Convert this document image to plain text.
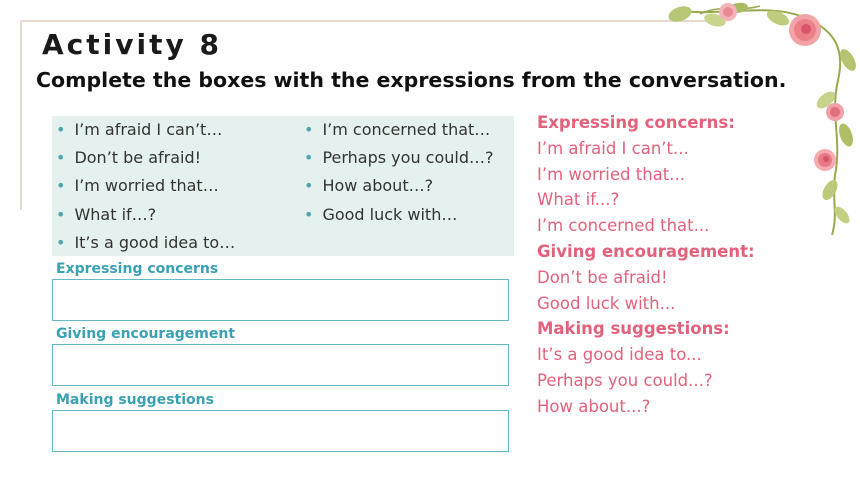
Activity 8
Complete the boxes with the expressions from the conversation.
• I’m afraid I can’t…
• Don’t be afraid!
• I’m worried that…
• What if…?
• It’s a good idea to…
• I’m concerned that…
• Perhaps you could…?
• How about…?
• Good luck with…
Expressing concerns
Giving encouragement
Making suggestions
Expressing concerns:
I’m afraid I can’t...
I’m worried that...
What if...?
I’m concerned that...
Giving encouragement:
Don’t be afraid!
Good luck with...
Making suggestions:
It’s a good idea to...
Perhaps you could...?
How about...?
